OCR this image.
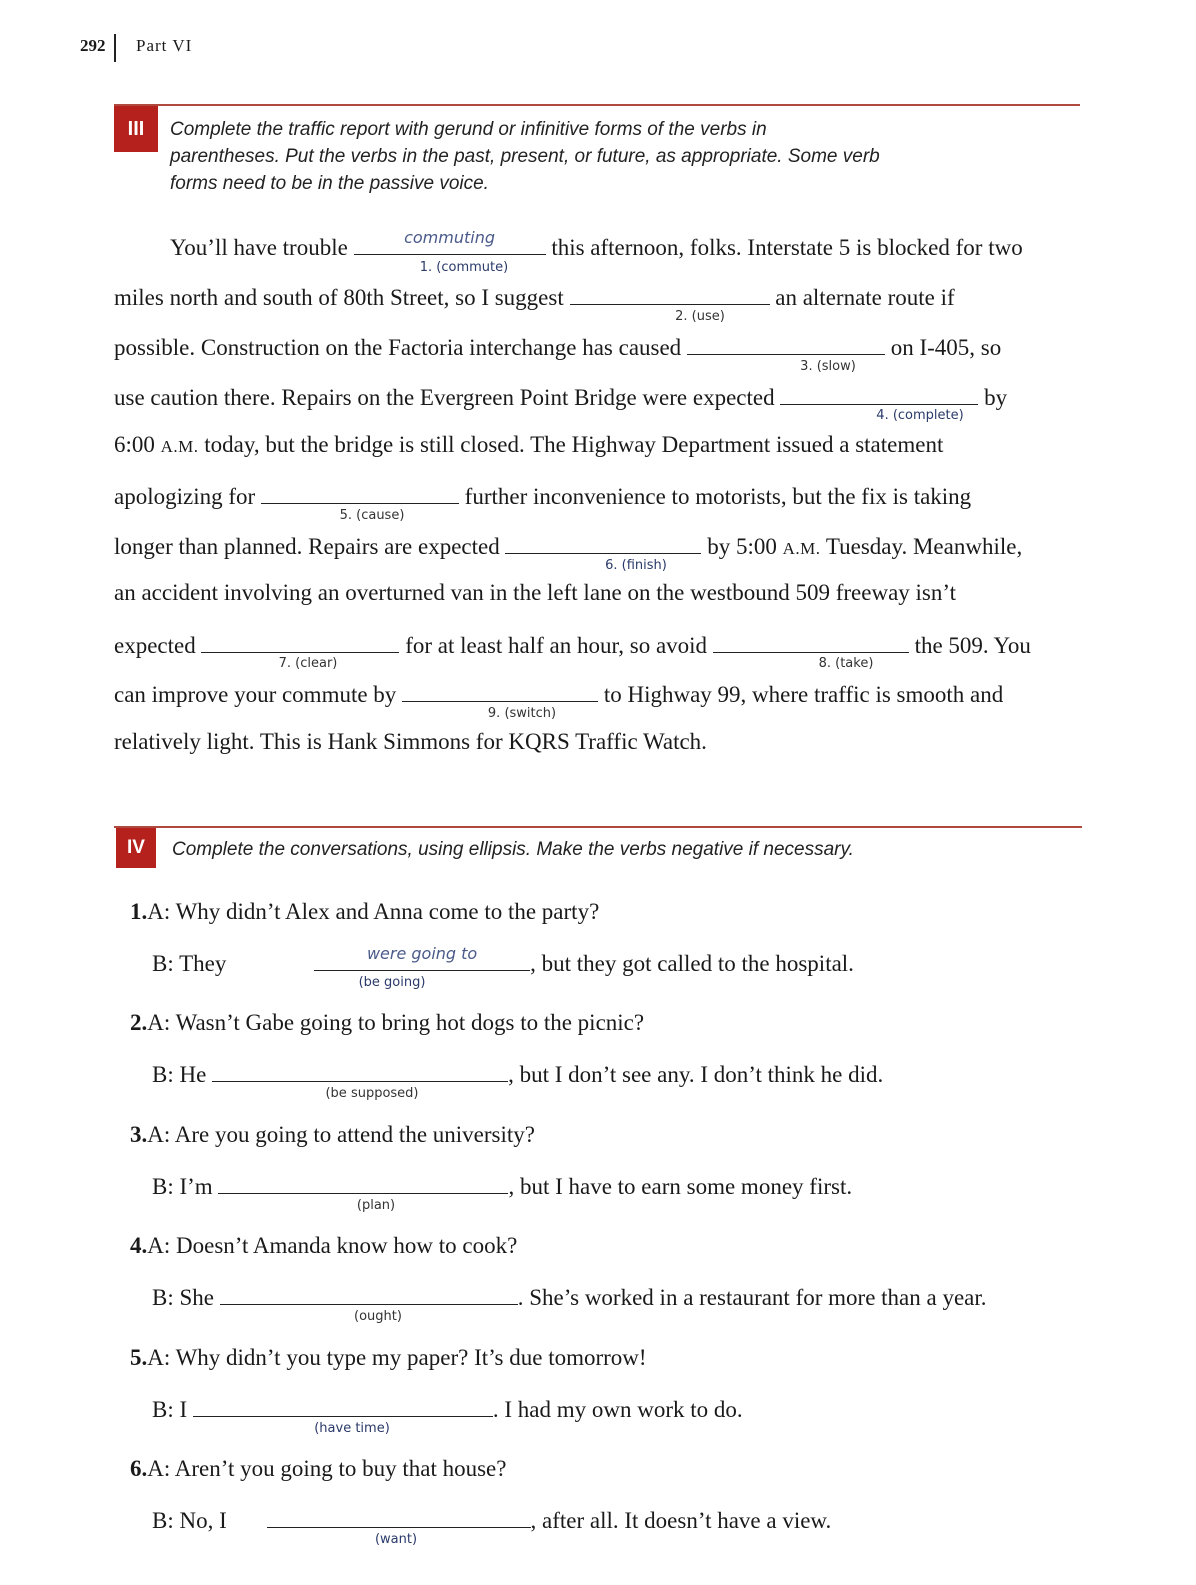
292 Part VI
III	Complete the traffic report with gerund or infinitive forms of the verbs in
parentheses. Put the verbs in the past, present, or future, as appropriate. Some verb
forms need to be in the passive voice.
You’ll have trouble	commuting	this afternoon, folks. Interstate 5 is blocked for two
1. (commute)
miles north and south of 80th Street, so I suggest	an alternate route if
2. (use)
possible. Construction on the Factoria interchange has caused	on I-405, so
3. (slow)
use caution there. Repairs on the Evergreen Point Bridge were expected	by
4. (complete)
6:00 A.M. today, but the bridge is still closed. The Highway Department issued a statement
apologizing for	further inconvenience to motorists, but the fix is taking
5. (cause)
longer than planned. Repairs are expected	by 5:00 A.M. Tuesday. Meanwhile,
6. (finish)
an accident involving an overturned van in the left lane on the westbound 509 freeway isn’t
expected	for at least half an hour, so avoid	the 509. You
7. (clear)	8. (take)
can improve your commute by	to Highway 99, where traffic is smooth and
9. (switch)
relatively light. This is Hank Simmons for KQRS Traffic Watch.
IV	Complete the conversations, using ellipsis. Make the verbs negative if necessary.
1.A: Why didn’t Alex and Anna come to the party?
B: They	were going to	, but they got called to the hospital.
(be going)
2.A: Wasn’t Gabe going to bring hot dogs to the picnic?
B: He	, but I don’t see any. I don’t think he did.
(be supposed)
3.A: Are you going to attend the university?
B: I’m	, but I have to earn some money first.
(plan)
4.A: Doesn’t Amanda know how to cook?
B: She	. She’s worked in a restaurant for more than a year.
(ought)
5.A: Why didn’t you type my paper? It’s due tomorrow!
B: I	. I had my own work to do.
(have time)
6.A: Aren’t you going to buy that house?
B: No, I	, after all. It doesn’t have a view.
(want)
